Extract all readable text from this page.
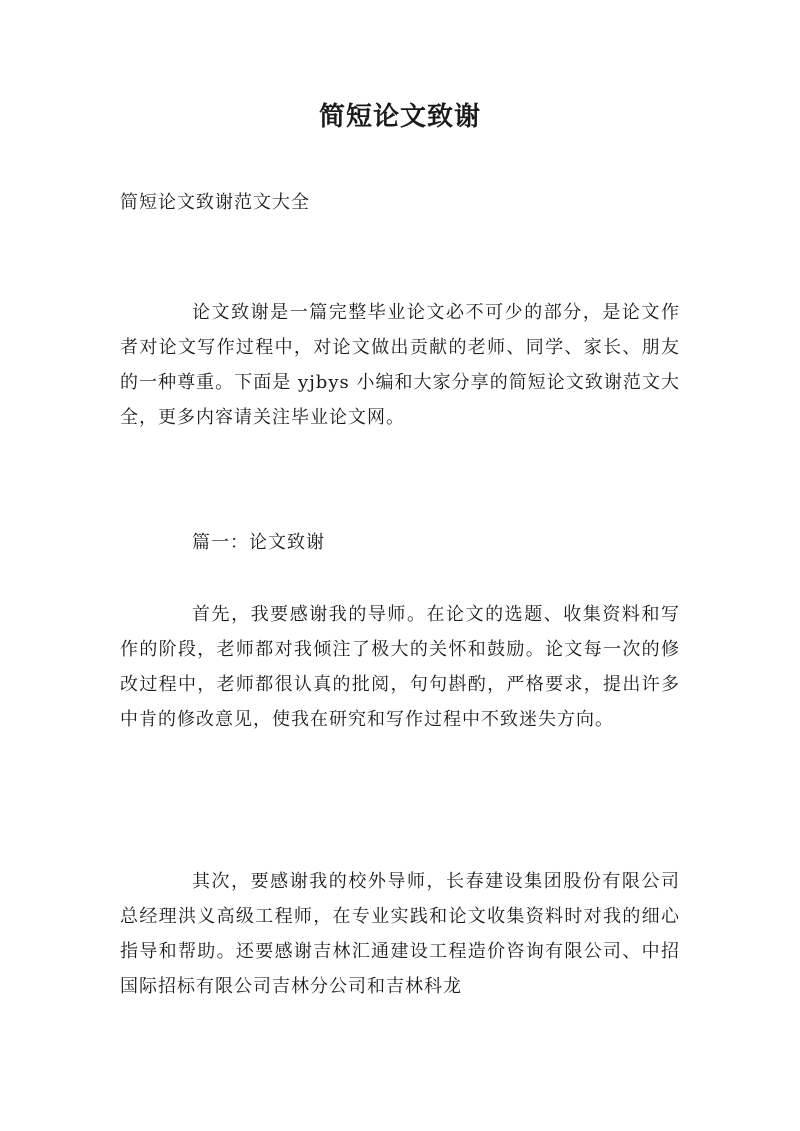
简短论文致谢
简短论文致谢范文大全

论文致谢是一篇完整毕业论文必不可少的部分，是论文作者对论文写作过程中，对论文做出贡献的老师、同学、家长、朋友的一种尊重。下面是 yjbys 小编和大家分享的简短论文致谢范文大全，更多内容请关注毕业论文网。

篇一：论文致谢

首先，我要感谢我的导师。在论文的选题、收集资料和写作的阶段，老师都对我倾注了极大的关怀和鼓励。论文每一次的修改过程中，老师都很认真的批阅，句句斟酌，严格要求，提出许多中肯的修改意见，使我在研究和写作过程中不致迷失方向。

其次，要感谢我的校外导师，长春建设集团股份有限公司总经理洪义高级工程师，在专业实践和论文收集资料时对我的细心指导和帮助。还要感谢吉林汇通建设工程造价咨询有限公司、中招国际招标有限公司吉林分公司和吉林科龙
